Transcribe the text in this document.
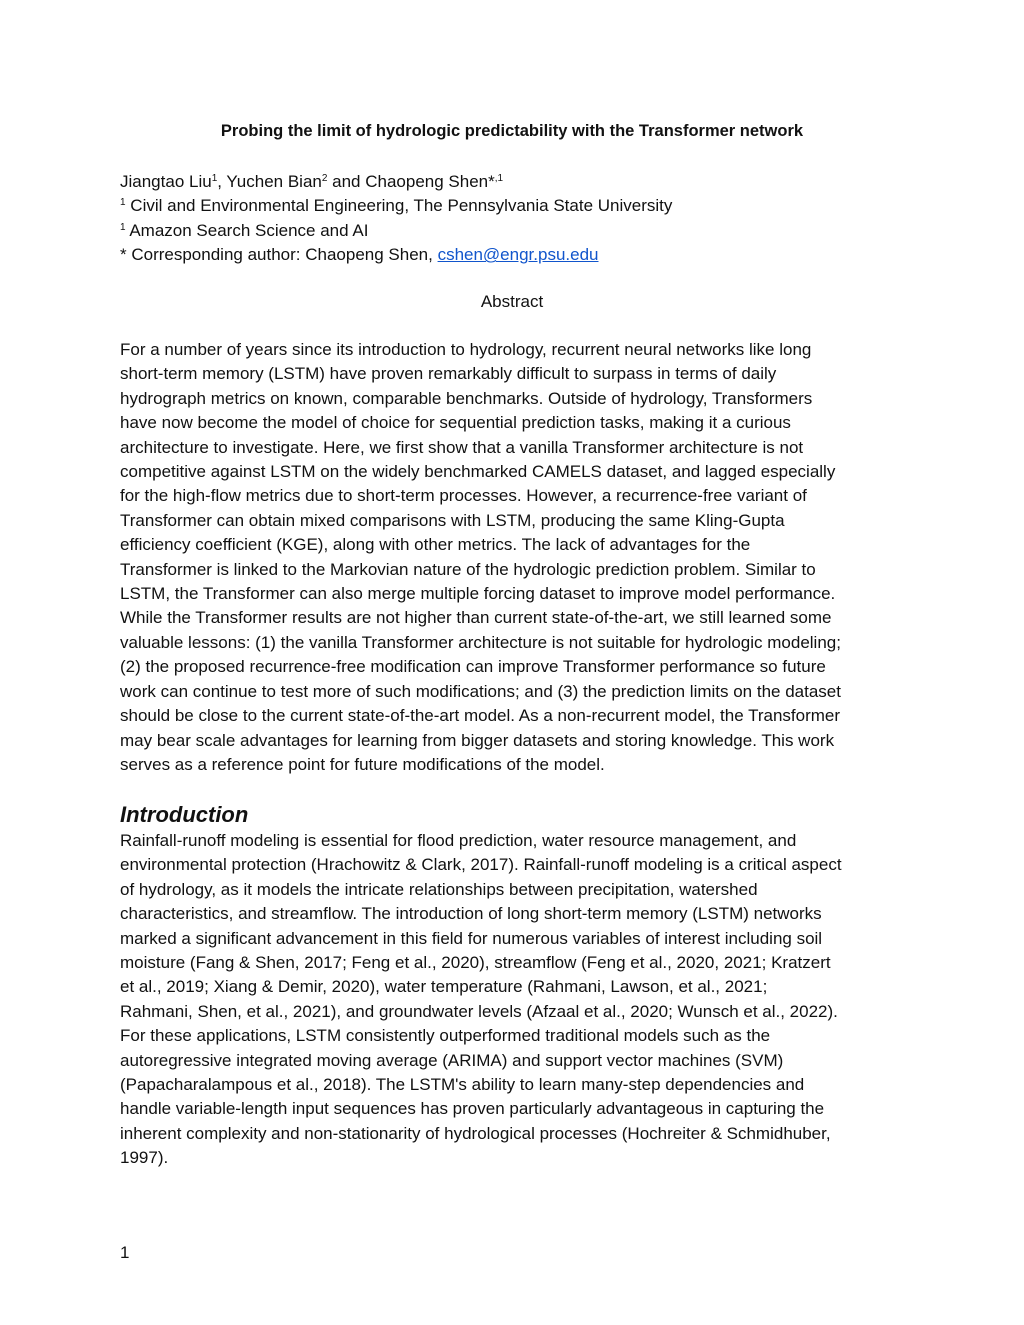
Probing the limit of hydrologic predictability with the Transformer network
Jiangtao Liu$^1$, Yuchen Bian$^2$ and Chaopeng Shen*$^{,1}$
$^1$ Civil and Environmental Engineering, The Pennsylvania State University
$^1$ Amazon Search Science and AI
* Corresponding author: Chaopeng Shen, cshen@engr.psu.edu
Abstract
For a number of years since its introduction to hydrology, recurrent neural networks like long
short-term memory (LSTM) have proven remarkably difficult to surpass in terms of daily
hydrograph metrics on known, comparable benchmarks. Outside of hydrology, Transformers
have now become the model of choice for sequential prediction tasks, making it a curious
architecture to investigate. Here, we first show that a vanilla Transformer architecture is not
competitive against LSTM on the widely benchmarked CAMELS dataset, and lagged especially
for the high-flow metrics due to short-term processes. However, a recurrence-free variant of
Transformer can obtain mixed comparisons with LSTM, producing the same Kling-Gupta
efficiency coefficient (KGE), along with other metrics. The lack of advantages for the
Transformer is linked to the Markovian nature of the hydrologic prediction problem. Similar to
LSTM, the Transformer can also merge multiple forcing dataset to improve model performance.
While the Transformer results are not higher than current state-of-the-art, we still learned some
valuable lessons: (1) the vanilla Transformer architecture is not suitable for hydrologic modeling;
(2) the proposed recurrence-free modification can improve Transformer performance so future
work can continue to test more of such modifications; and (3) the prediction limits on the dataset
should be close to the current state-of-the-art model. As a non-recurrent model, the Transformer
may bear scale advantages for learning from bigger datasets and storing knowledge. This work
serves as a reference point for future modifications of the model.
Introduction
Rainfall-runoff modeling is essential for flood prediction, water resource management, and
environmental protection (Hrachowitz & Clark, 2017). Rainfall-runoff modeling is a critical aspect
of hydrology, as it models the intricate relationships between precipitation, watershed
characteristics, and streamflow. The introduction of long short-term memory (LSTM) networks
marked a significant advancement in this field for numerous variables of interest including soil
moisture (Fang & Shen, 2017; Feng et al., 2020), streamflow (Feng et al., 2020, 2021; Kratzert
et al., 2019; Xiang & Demir, 2020), water temperature (Rahmani, Lawson, et al., 2021;
Rahmani, Shen, et al., 2021), and groundwater levels (Afzaal et al., 2020; Wunsch et al., 2022).
For these applications, LSTM consistently outperformed traditional models such as the
autoregressive integrated moving average (ARIMA) and support vector machines (SVM)
(Papacharalampous et al., 2018). The LSTM's ability to learn many-step dependencies and
handle variable-length input sequences has proven particularly advantageous in capturing the
inherent complexity and non-stationarity of hydrological processes (Hochreiter & Schmidhuber,
1997).
1
